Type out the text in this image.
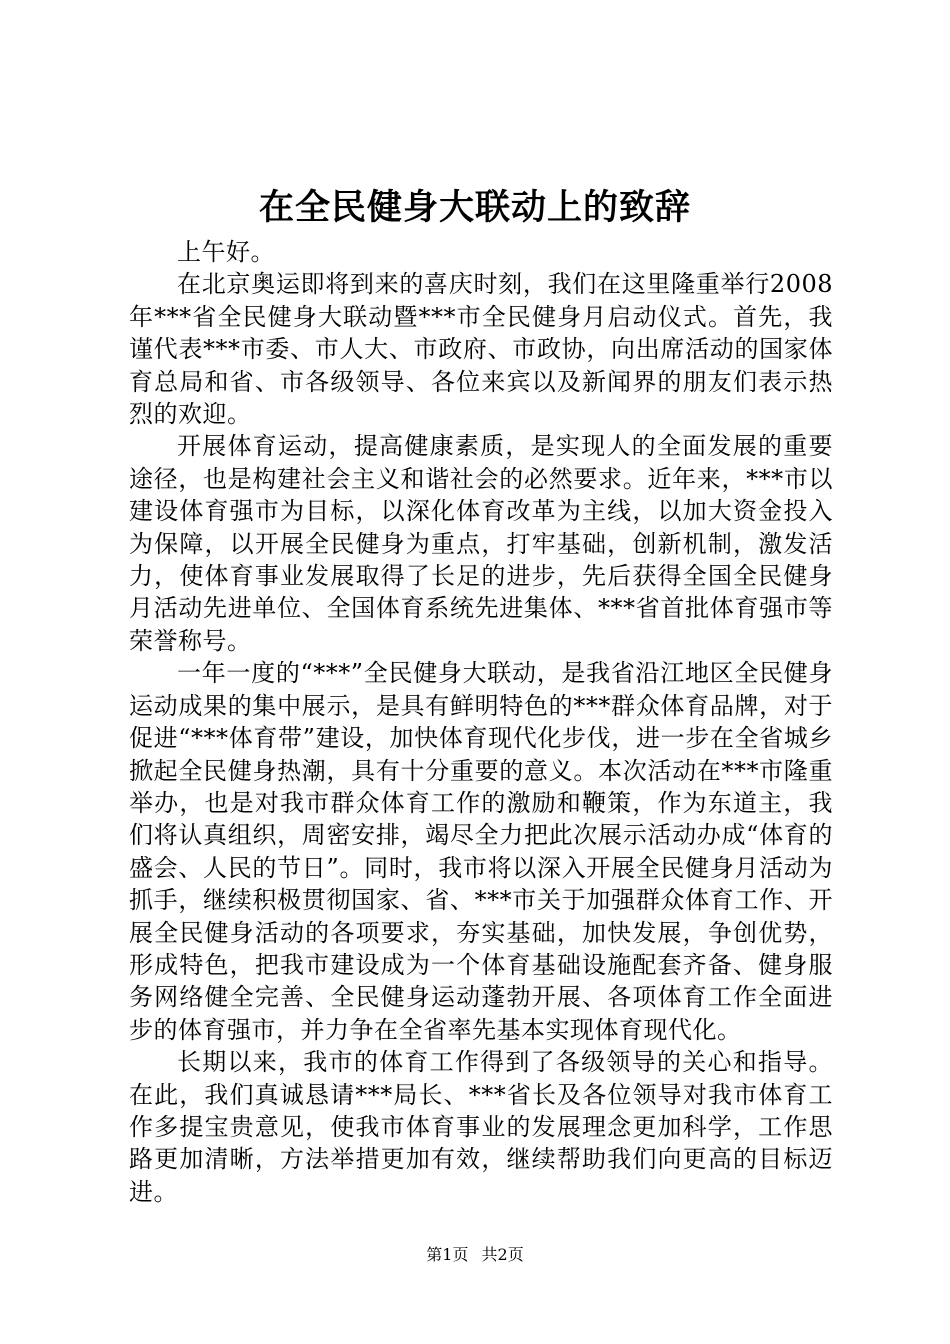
在全民健身大联动上的致辞

上午好。

在北京奥运即将到来的喜庆时刻，我们在这里隆重举行2008年***省全民健身大联动暨***市全民健身月启动仪式。首先，我谨代表***市委、市人大、市政府、市政协，向出席活动的国家体育总局和省、市各级领导、各位来宾以及新闻界的朋友们表示热烈的欢迎。

开展体育运动，提高健康素质，是实现人的全面发展的重要途径，也是构建社会主义和谐社会的必然要求。近年来，***市以建设体育强市为目标，以深化体育改革为主线，以加大资金投入为保障，以开展全民健身为重点，打牢基础，创新机制，激发活力，使体育事业发展取得了长足的进步，先后获得全国全民健身月活动先进单位、全国体育系统先进集体、***省首批体育强市等荣誉称号。

一年一度的“***”全民健身大联动，是我省沿江地区全民健身运动成果的集中展示，是具有鲜明特色的***群众体育品牌，对于促进“***体育带”建设，加快体育现代化步伐，进一步在全省城乡掀起全民健身热潮，具有十分重要的意义。本次活动在***市隆重举办，也是对我市群众体育工作的激励和鞭策，作为东道主，我们将认真组织，周密安排，竭尽全力把此次展示活动办成“体育的盛会、人民的节日”。同时，我市将以深入开展全民健身月活动为抓手，继续积极贯彻国家、省、***市关于加强群众体育工作、开展全民健身活动的各项要求，夯实基础，加快发展，争创优势，形成特色，把我市建设成为一个体育基础设施配套齐备、健身服务网络健全完善、全民健身运动蓬勃开展、各项体育工作全面进步的体育强市，并力争在全省率先基本实现体育现代化。

长期以来，我市的体育工作得到了各级领导的关心和指导。在此，我们真诚恳请***局长、***省长及各位领导对我市体育工作多提宝贵意见，使我市体育事业的发展理念更加科学，工作思路更加清晰，方法举措更加有效，继续帮助我们向更高的目标迈进。

第1页 共2页
